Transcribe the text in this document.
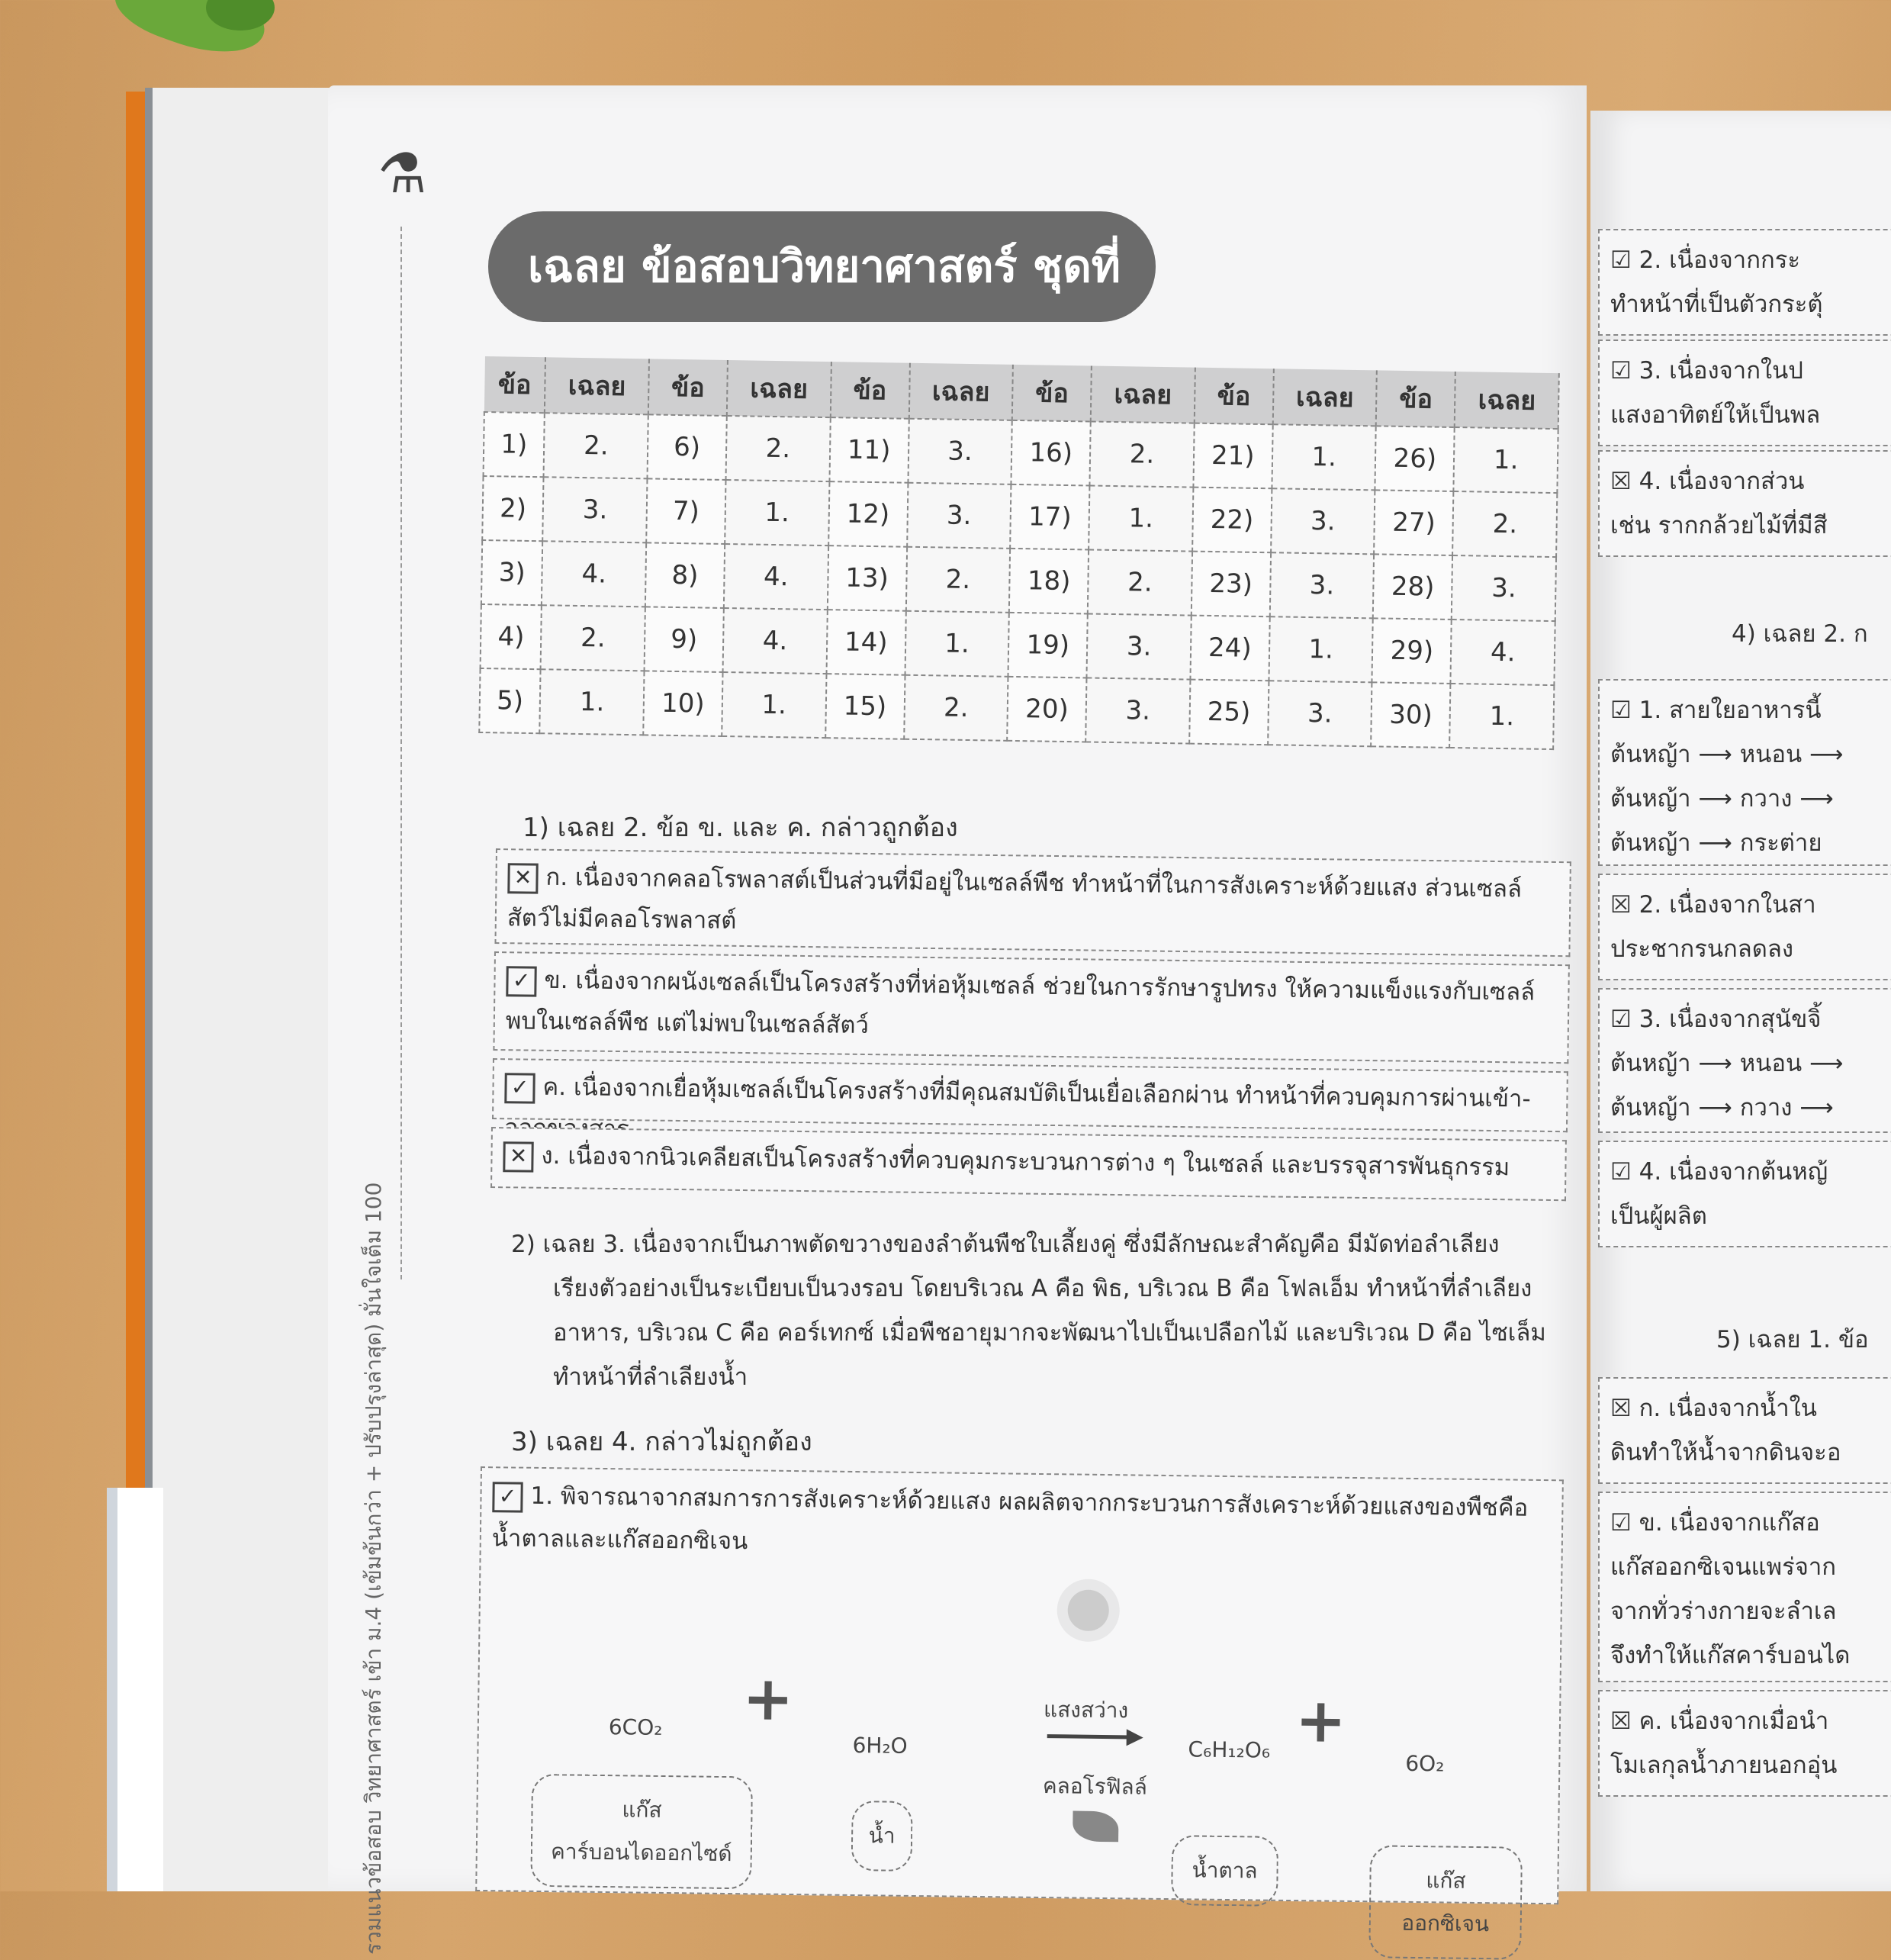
⚗
รวมแนวข้อสอบ วิทยาศาสตร์ เข้า ม.4 (เข้มข้นกว่า + ปรับปรุงล่าสุด) มั่นใจเต็ม 100
เฉลย ข้อสอบวิทยาศาสตร์ ชุดที่
ข้อ	เฉลย	ข้อ	เฉลย	ข้อ	เฉลย	ข้อ	เฉลย	ข้อ	เฉลย	ข้อ	เฉลย
1)	2.	6)	2.	11)	3.	16)	2.	21)	1.	26)	1.
2)	3.	7)	1.	12)	3.	17)	1.	22)	3.	27)	2.
3)	4.	8)	4.	13)	2.	18)	2.	23)	3.	28)	3.
4)	2.	9)	4.	14)	1.	19)	3.	24)	1.	29)	4.
5)	1.	10)	1.	15)	2.	20)	3.	25)	3.	30)	1.
1) เฉลย 2. ข้อ ข. และ ค. กล่าวถูกต้อง
✕ ก. เนื่องจากคลอโรพลาสต์เป็นส่วนที่มีอยู่ในเซลล์พืช ทำหน้าที่ในการสังเคราะห์ด้วยแสง ส่วนเซลล์สัตว์ไม่มีคลอโรพลาสต์
✓ ข. เนื่องจากผนังเซลล์เป็นโครงสร้างที่ห่อหุ้มเซลล์ ช่วยในการรักษารูปทรง ให้ความแข็งแรงกับเซลล์ พบในเซลล์พืช แต่ไม่พบในเซลล์สัตว์
✓ ค. เนื่องจากเยื่อหุ้มเซลล์เป็นโครงสร้างที่มีคุณสมบัติเป็นเยื่อเลือกผ่าน ทำหน้าที่ควบคุมการผ่านเข้า-ออกของสาร
✕ ง. เนื่องจากนิวเคลียสเป็นโครงสร้างที่ควบคุมกระบวนการต่าง ๆ ในเซลล์ และบรรจุสารพันธุกรรม
2) เฉลย 3. เนื่องจากเป็นภาพตัดขวางของลำต้นพืชใบเลี้ยงคู่ ซึ่งมีลักษณะสำคัญคือ มีมัดท่อลำเลียง
เรียงตัวอย่างเป็นระเบียบเป็นวงรอบ โดยบริเวณ A คือ พิธ, บริเวณ B คือ โฟลเอ็ม ทำหน้าที่ลำเลียง
อาหาร, บริเวณ C คือ คอร์เทกซ์ เมื่อพืชอายุมากจะพัฒนาไปเป็นเปลือกไม้ และบริเวณ D คือ ไซเล็ม
ทำหน้าที่ลำเลียงน้ำ
3) เฉลย 4. กล่าวไม่ถูกต้อง
✓ 1. พิจารณาจากสมการการสังเคราะห์ด้วยแสง ผลผลิตจากกระบวนการสังเคราะห์ด้วยแสงของพืชคือ น้ำตาลและแก๊สออกซิเจน
6CO₂ +
6H₂O
แสงสว่าง
คลอโรฟิลล์
C₆H₁₂O₆ +
6O₂
แก๊สคาร์บอนไดออกไซด์
น้ำ
น้ำตาล	แก๊สออกซิเจน
☑ 2. เนื่องจากกระ
ทำหน้าที่เป็นตัวกระตุ้
☑ 3. เนื่องจากในป
แสงอาทิตย์ให้เป็นพล
☒ 4. เนื่องจากส่วน
เช่น รากกล้วยไม้ที่มีสี
4) เฉลย 2. ก
☑ 1. สายใยอาหารนี้
ต้นหญ้า ⟶ หนอน ⟶
ต้นหญ้า ⟶ กวาง ⟶
ต้นหญ้า ⟶ กระต่าย
☒ 2. เนื่องจากในสา
ประชากรนกลดลง
☑ 3. เนื่องจากสุนัขจิ้
ต้นหญ้า ⟶ หนอน ⟶
ต้นหญ้า ⟶ กวาง ⟶
☑ 4. เนื่องจากต้นหญ้
เป็นผู้ผลิต
5) เฉลย 1. ข้อ
☒ ก. เนื่องจากน้ำใน
ดินทำให้น้ำจากดินจะอ
☑ ข. เนื่องจากแก๊สอ
แก๊สออกซิเจนแพร่จาก
จากทั่วร่างกายจะลำเล
จึงทำให้แก๊สคาร์บอนได
☒ ค. เนื่องจากเมื่อนำ
โมเลกุลน้ำภายนอกอุ่น
